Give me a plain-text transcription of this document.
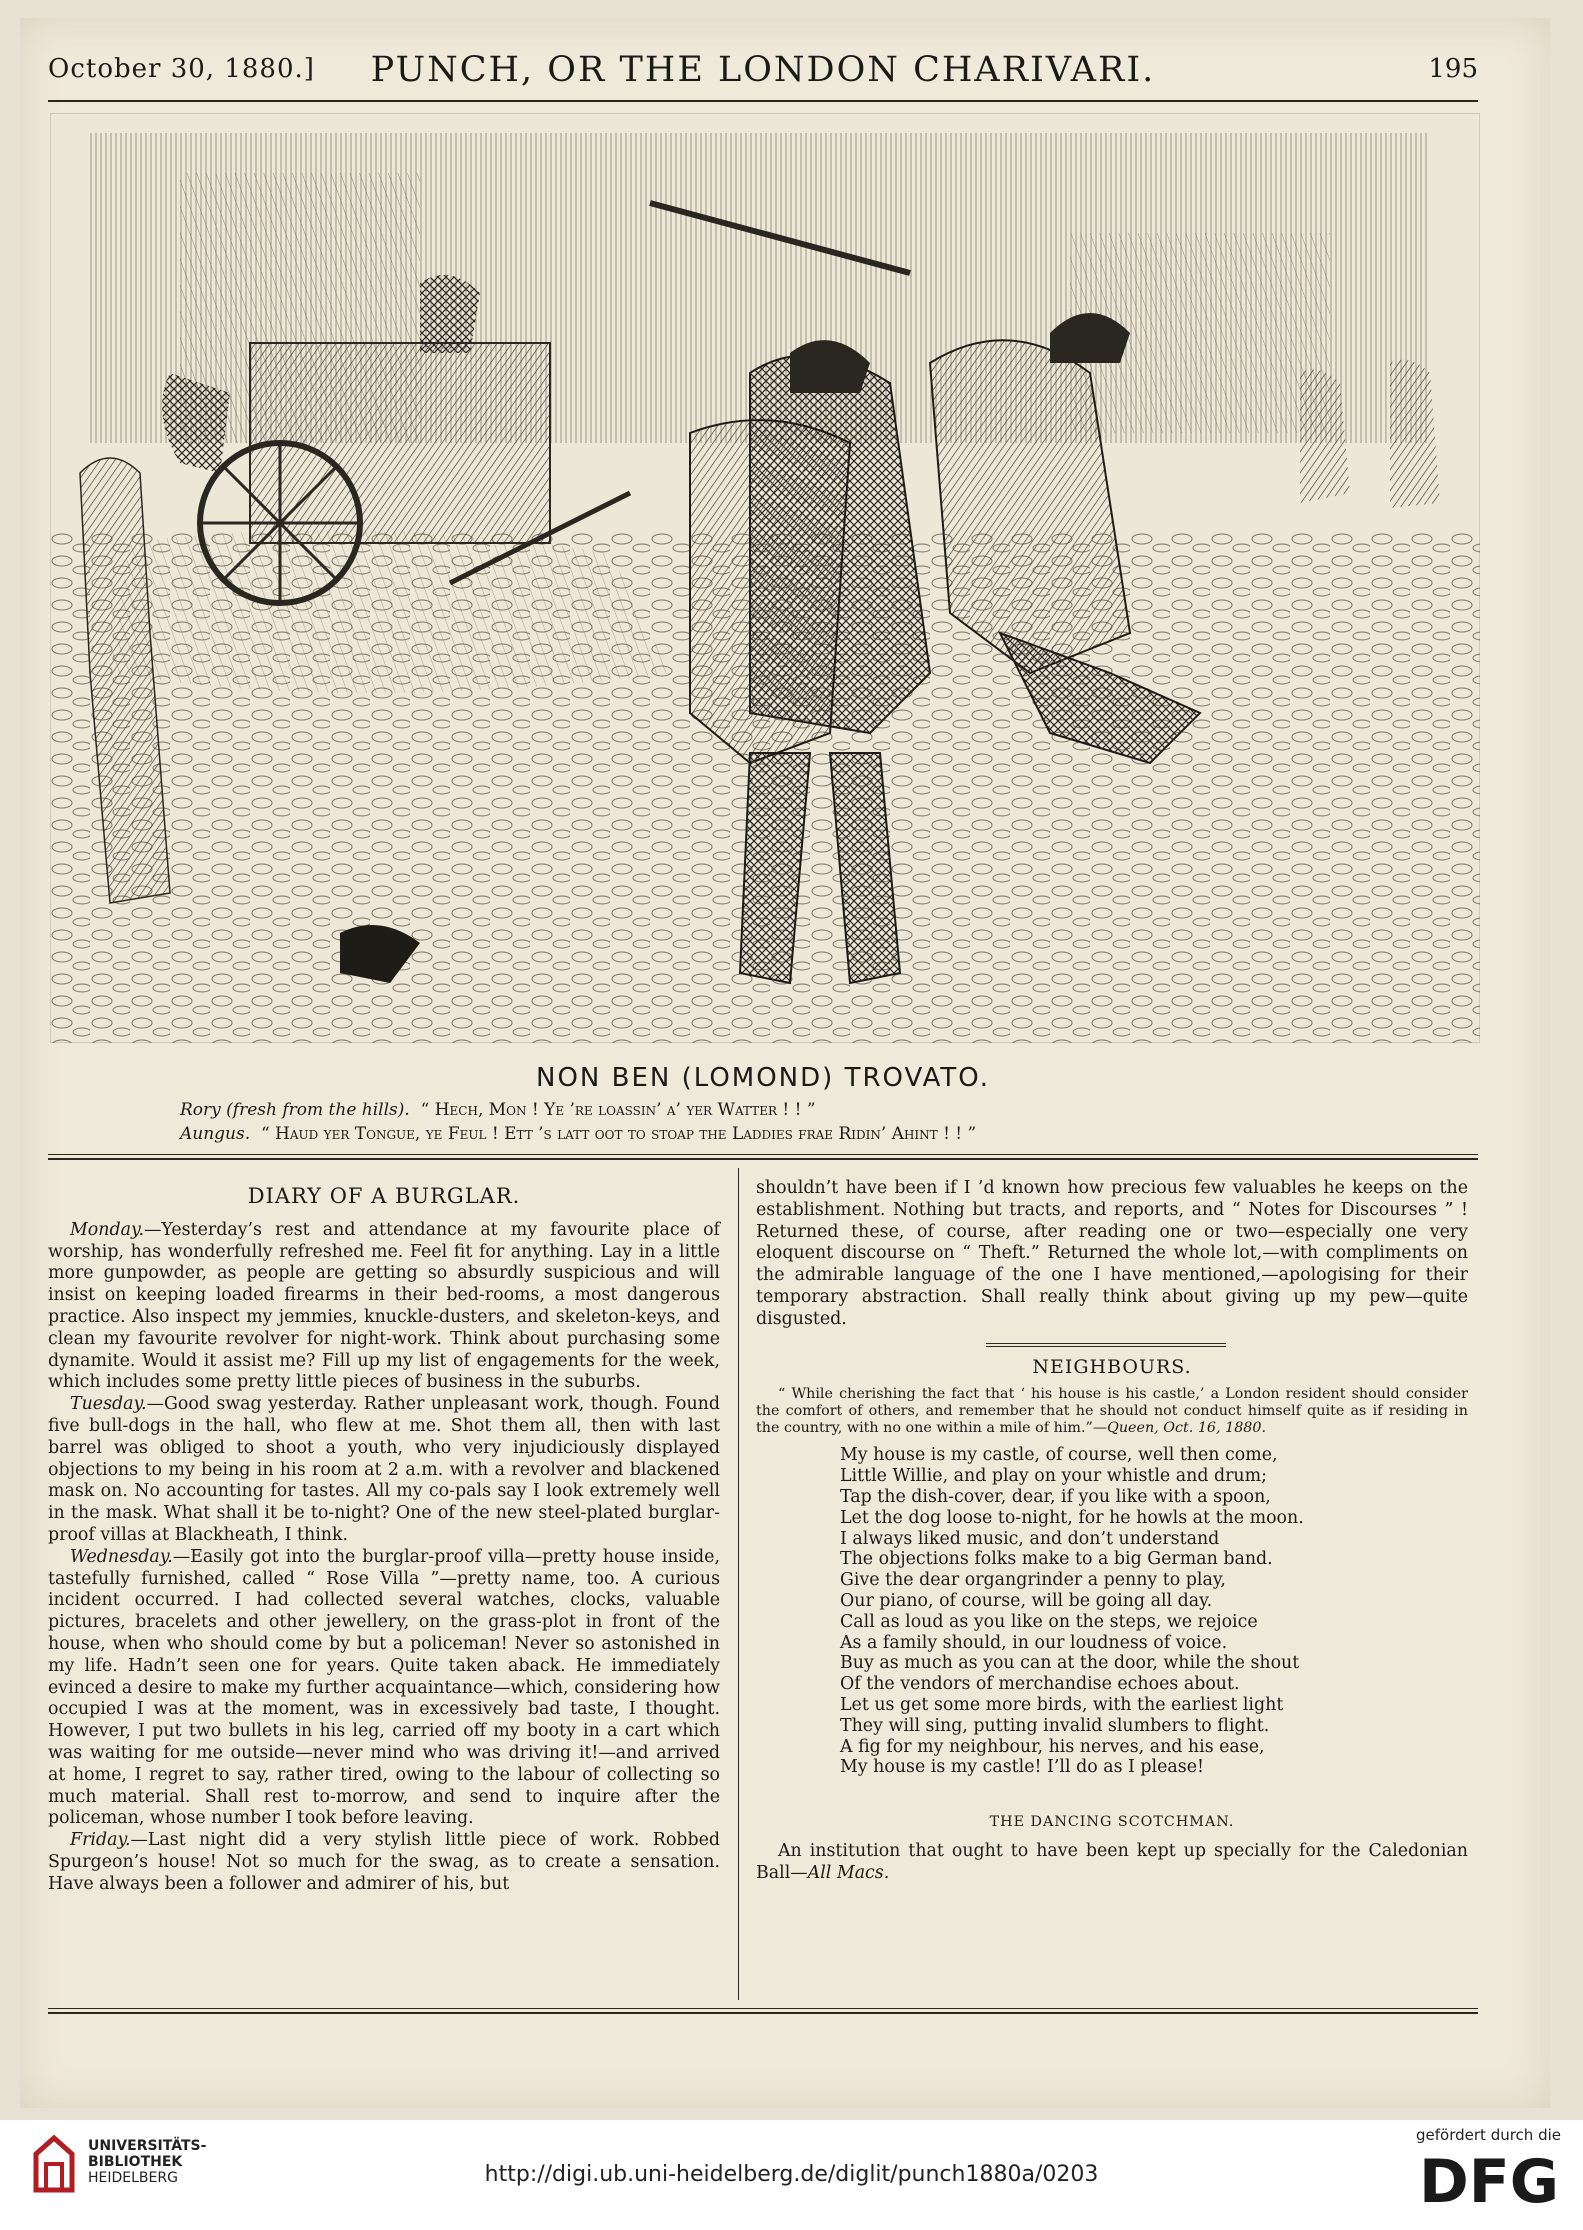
October 30, 1880.]	PUNCH, OR THE LONDON CHARIVARI.	195
NON BEN (LOMOND) TROVATO.
Rory (fresh from the hills). “ Hech, Mon ! Ye ’re loassin’ a’ yer Watter ! ! ”
Aungus. “ Haud yer Tongue, ye Feul ! Ett ’s latt oot to stoap the Laddies frae Ridin’ Ahint ! ! ”
DIARY OF A BURGLAR.

Monday.—Yesterday’s rest and attendance at my favourite place of worship, has wonderfully refreshed me. Feel fit for anything. Lay in a little more gunpowder, as people are getting so absurdly suspicious and will insist on keeping loaded firearms in their bed-rooms, a most dangerous practice. Also inspect my jemmies, knuckle-dusters, and skeleton-keys, and clean my favourite revolver for night-work. Think about purchasing some dynamite. Would it assist me? Fill up my list of engagements for the week, which includes some pretty little pieces of business in the suburbs.

Tuesday.—Good swag yesterday. Rather unpleasant work, though. Found five bull-dogs in the hall, who flew at me. Shot them all, then with last barrel was obliged to shoot a youth, who very injudiciously displayed objections to my being in his room at 2 a.m. with a revolver and blackened mask on. No accounting for tastes. All my co-pals say I look extremely well in the mask. What shall it be to-night? One of the new steel-plated burglar-proof villas at Blackheath, I think.

Wednesday.—Easily got into the burglar-proof villa—pretty house inside, tastefully furnished, called “ Rose Villa ”—pretty name, too. A curious incident occurred. I had collected several watches, clocks, valuable pictures, bracelets and other jewellery, on the grass-plot in front of the house, when who should come by but a policeman! Never so astonished in my life. Hadn’t seen one for years. Quite taken aback. He immediately evinced a desire to make my further acquaintance—which, considering how occupied I was at the moment, was in excessively bad taste, I thought. However, I put two bullets in his leg, carried off my booty in a cart which was waiting for me outside—never mind who was driving it!—and arrived at home, I regret to say, rather tired, owing to the labour of collecting so much material. Shall rest to-morrow, and send to inquire after the policeman, whose number I took before leaving.

Friday.—Last night did a very stylish little piece of work. Robbed Spurgeon’s house! Not so much for the swag, as to create a sensation. Have always been a follower and admirer of his, but

shouldn’t have been if I ’d known how precious few valuables he keeps on the establishment. Nothing but tracts, and reports, and “ Notes for Discourses ” ! Returned these, of course, after reading one or two—especially one very eloquent discourse on “ Theft.” Returned the whole lot,—with compliments on the admirable language of the one I have mentioned,—apologising for their temporary abstraction. Shall really think about giving up my pew—quite disgusted.

NEIGHBOURS.

“ While cherishing the fact that ‘ his house is his castle,’ a London resident should consider the comfort of others, and remember that he should not conduct himself quite as if residing in the country, with no one within a mile of him.”—Queen, Oct. 16, 1880.

My house is my castle, of course, well then come,
Little Willie, and play on your whistle and drum;
Tap the dish-cover, dear, if you like with a spoon,
Let the dog loose to-night, for he howls at the moon.
I always liked music, and don’t understand
The objections folks make to a big German band.
Give the dear organgrinder a penny to play,
Our piano, of course, will be going all day.
Call as loud as you like on the steps, we rejoice
As a family should, in our loudness of voice.
Buy as much as you can at the door, while the shout
Of the vendors of merchandise echoes about.
Let us get some more birds, with the earliest light
They will sing, putting invalid slumbers to flight.
A fig for my neighbour, his nerves, and his ease,
My house is my castle! I’ll do as I please!
THE DANCING SCOTCHMAN.

An institution that ought to have been kept up specially for the Caledonian Ball—All Macs.

UNIVERSITÄTS-
BIBLIOTHEK
HEIDELBERG	http://digi.ub.uni-heidelberg.de/diglit/punch1880a/0203
gefördert durch die
DFG
